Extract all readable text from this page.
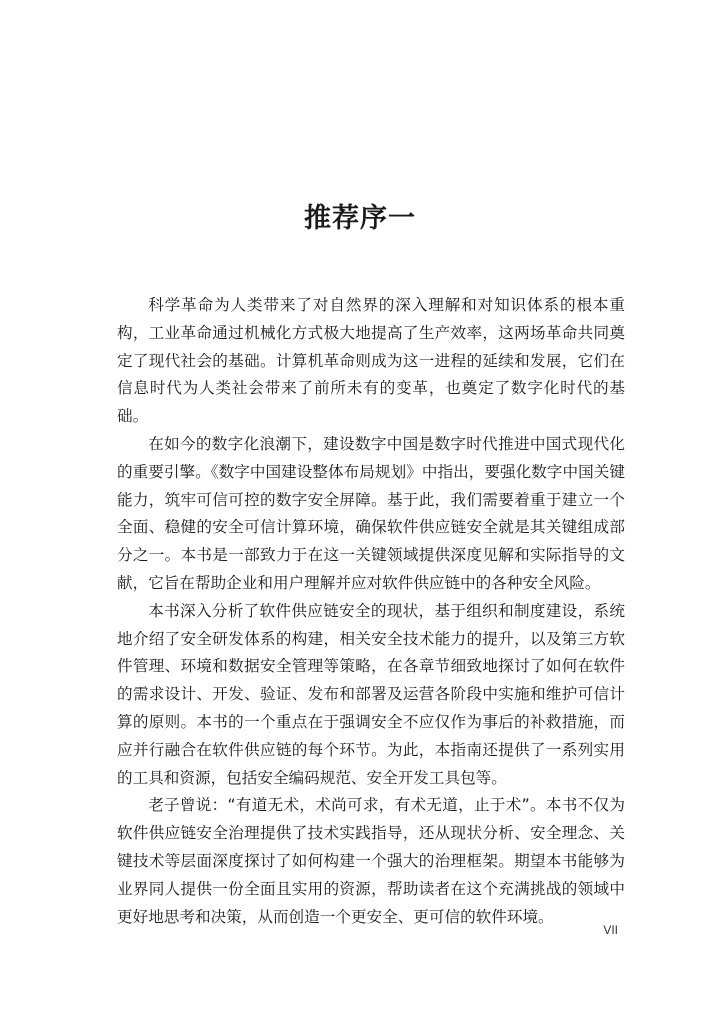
推荐序一

科学革命为人类带来了对自然界的深入理解和对知识体系的根本重构，工业革命通过机械化方式极大地提高了生产效率，这两场革命共同奠定了现代社会的基础。计算机革命则成为这一进程的延续和发展，它们在信息时代为人类社会带来了前所未有的变革，也奠定了数字化时代的基础。

在如今的数字化浪潮下，建设数字中国是数字时代推进中国式现代化的重要引擎。《数字中国建设整体布局规划》中指出，要强化数字中国关键能力，筑牢可信可控的数字安全屏障。基于此，我们需要着重于建立一个全面、稳健的安全可信计算环境，确保软件供应链安全就是其关键组成部分之一。本书是一部致力于在这一关键领域提供深度见解和实际指导的文献，它旨在帮助企业和用户理解并应对软件供应链中的各种安全风险。

本书深入分析了软件供应链安全的现状，基于组织和制度建设，系统地介绍了安全研发体系的构建，相关安全技术能力的提升，以及第三方软件管理、环境和数据安全管理等策略，在各章节细致地探讨了如何在软件的需求设计、开发、验证、发布和部署及运营各阶段中实施和维护可信计算的原则。本书的一个重点在于强调安全不应仅作为事后的补救措施，而应并行融合在软件供应链的每个环节。为此，本指南还提供了一系列实用的工具和资源，包括安全编码规范、安全开发工具包等。

老子曾说：“有道无术，术尚可求，有术无道，止于术”。本书不仅为软件供应链安全治理提供了技术实践指导，还从现状分析、安全理念、关键技术等层面深度探讨了如何构建一个强大的治理框架。期望本书能够为业界同人提供一份全面且实用的资源，帮助读者在这个充满挑战的领域中更好地思考和决策，从而创造一个更安全、更可信的软件环境。

VII
